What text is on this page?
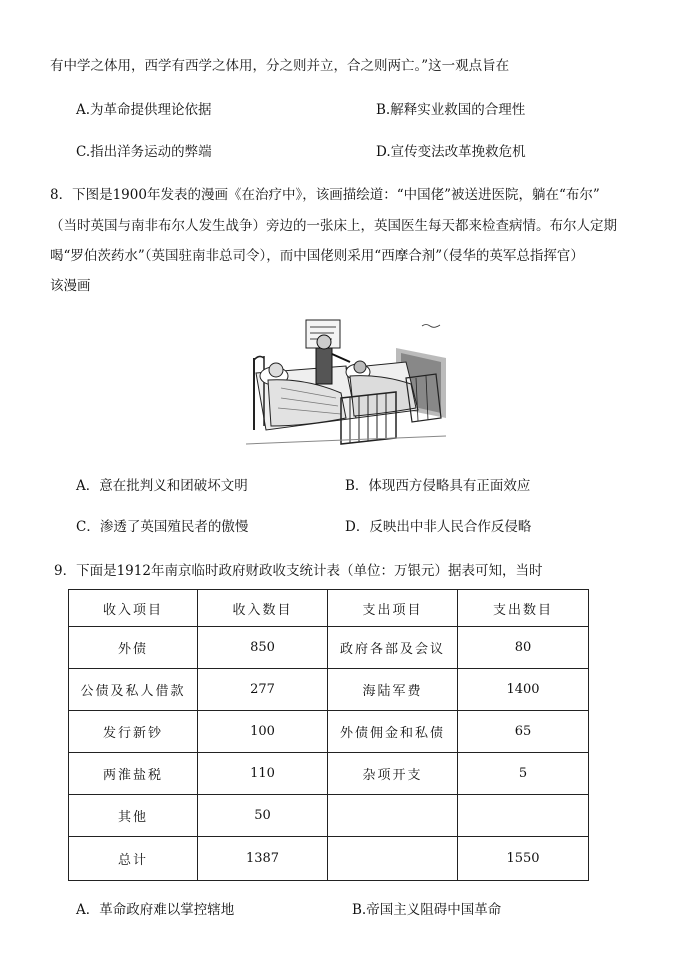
有中学之体用，西学有西学之体用，分之则并立，合之则两亡。”这一观点旨在
A.为革命提供理论依据	B.解释实业救国的合理性
C.指出洋务运动的弊端	D.宣传变法改革挽救危机
8．下图是1900年发表的漫画《在治疗中》，该画描绘道：“中国佬”被送进医院，躺在“布尔”
（当时英国与南非布尔人发生战争）旁边的一张床上，英国医生每天都来检查病情。布尔人定期
喝“罗伯茨药水”（英国驻南非总司令），而中国佬则采用“西摩合剂”（侵华的英军总指挥官）
该漫画
A．意在批判义和团破坏文明	B．体现西方侵略具有正面效应
C．渗透了英国殖民者的傲慢	D．反映出中非人民合作反侵略
9．下面是1912年南京临时政府财政收支统计表（单位：万银元）据表可知，当时
收入项目	收入数目	支出项目	支出数目
外债	850	政府各部及会议	80
公债及私人借款	277	海陆军费	1400
发行新钞	100	外债佣金和私债	65
两淮盐税	110	杂项开支	5
其他	50		
总计	1387		1550
A．革命政府难以掌控辖地	B.帝国主义阻碍中国革命
